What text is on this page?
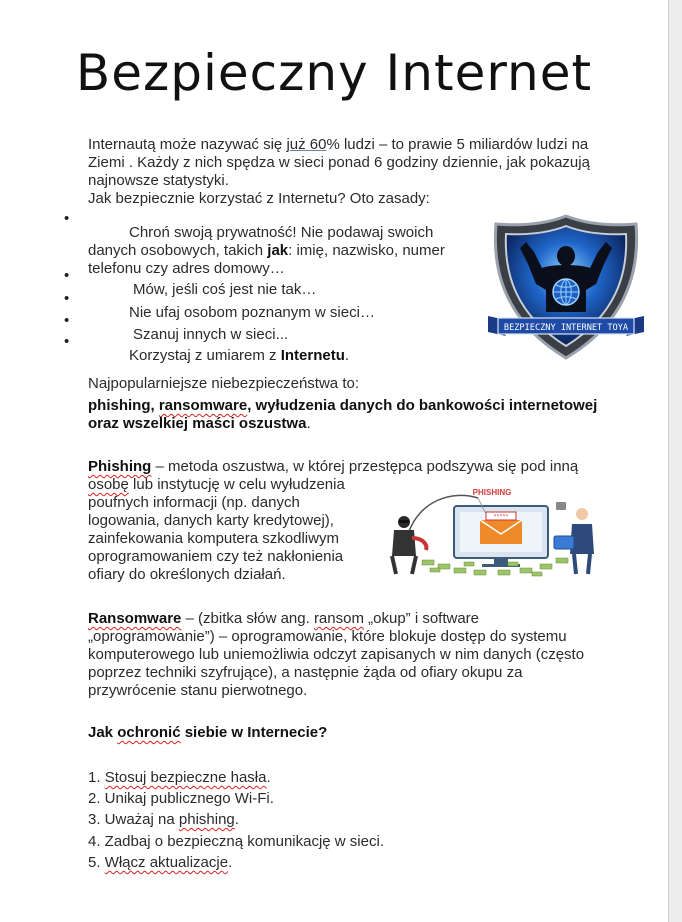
Bezpieczny Internet

Internautą może nazywać się już 60% ludzi – to prawie 5 miliardów ludzi na

Ziemi . Każdy z nich spędza w sieci ponad 6 godziny dziennie, jak pokazują

najnowsze statystyki.

Jak bezpiecznie korzystać z Internetu? Oto zasady:

•

Chroń swoją prywatność! Nie podawaj swoich

danych osobowych, takich jak: imię, nazwisko, numer

telefonu czy adres domowy…

•

Mów, jeśli coś jest nie tak…

•

Nie ufaj osobom poznanym w sieci…

•

Szanuj innych w sieci...

•

Korzystaj z umiarem z Internetu.

BEZPIECZNY INTERNET TOYA

Najpopularniejsze niebezpieczeństwa to:

phishing, ransomware, wyłudzenia danych do bankowości internetowej

oraz wszelkiej maści oszustwa.

Phishing – metoda oszustwa, w której przestępca podszywa się pod inną

osobę lub instytucję w celu wyłudzenia

poufnych informacji (np. danych

logowania, danych karty kredytowej),

zainfekowania komputera szkodliwym

oprogramowaniem czy też nakłonienia

ofiary do określonych działań.

PHISHING
*****

Ransomware – (zbitka słów ang. ransom „okup” i software

„oprogramowanie”) – oprogramowanie, które blokuje dostęp do systemu

komputerowego lub uniemożliwia odczyt zapisanych w nim danych (często

poprzez techniki szyfrujące), a następnie żąda od ofiary okupu za

przywrócenie stanu pierwotnego.

Jak ochronić siebie w Internecie?

1. Stosuj bezpieczne hasła.

2. Unikaj publicznego Wi-Fi.

3. Uważaj na phishing.

4. Zadbaj o bezpieczną komunikację w sieci.

5. Włącz aktualizacje.
